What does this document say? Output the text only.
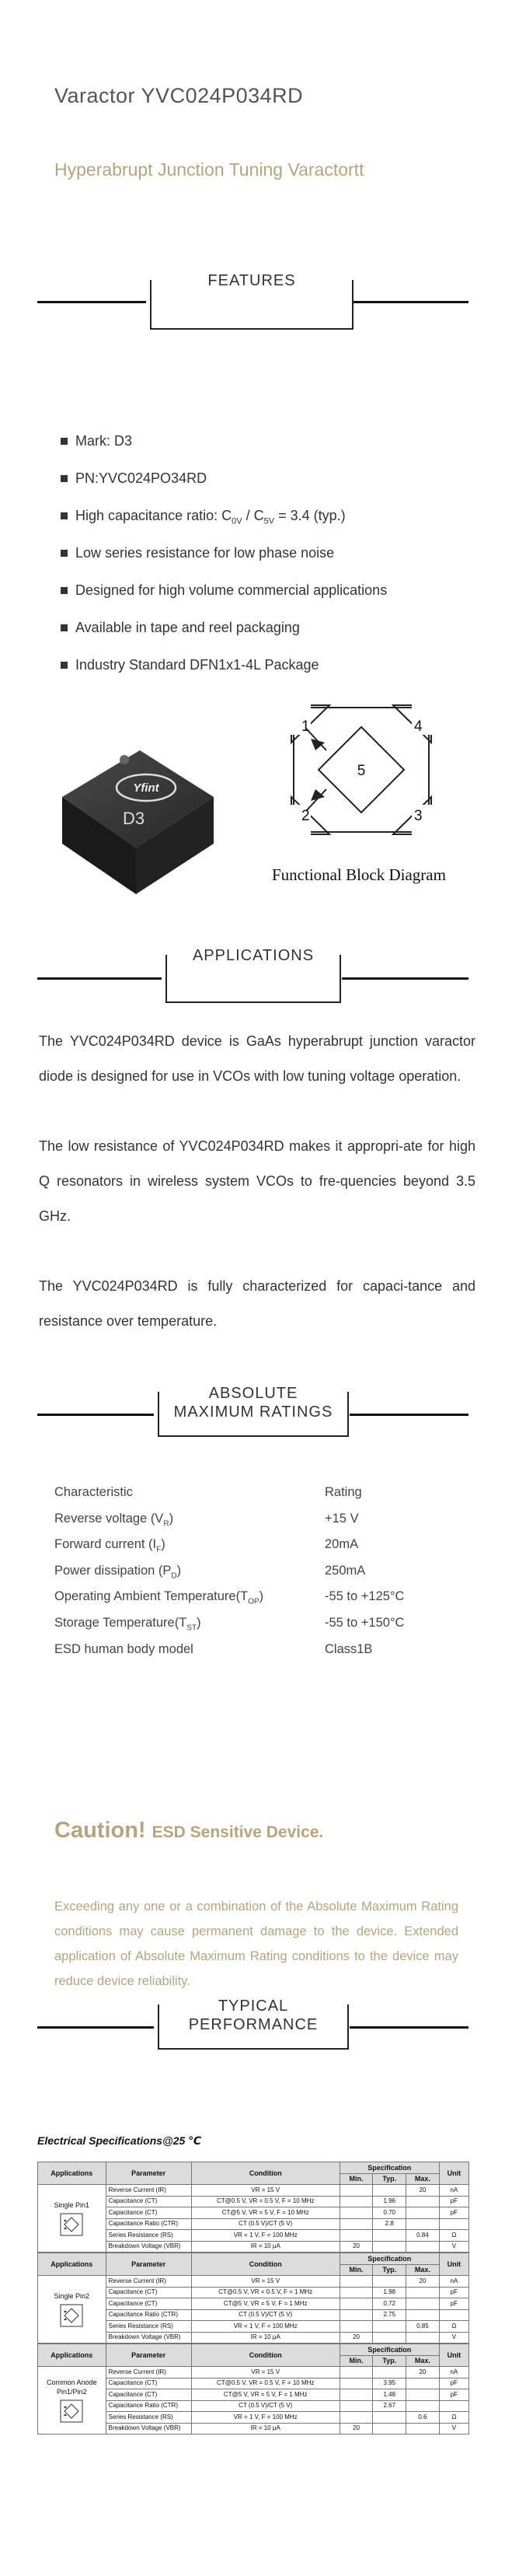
Varactor YVC024P034RD
Hyperabrupt Junction Tuning Varactortt
FEATURES
Mark: D3
PN:YVC024PO34RD
High capacitance ratio: $C_{0V} / C_{5V} = 3.4$ (typ.)
Low series resistance for low phase noise
Designed for high volume commercial applications
Available in tape and reel packaging
Industry Standard DFN1x1-4L Package
Yfint
D3
1
2	3
4
5
Functional Block Diagram
APPLICATIONS
The YVC024P034RD device is GaAs hyperabrupt junction varactor diode is designed for use in VCOs with low tuning voltage operation.
The low resistance of YVC024P034RD makes it appropri-ate for high Q resonators in wireless system VCOs to fre-quencies beyond 3.5 GHz.
The YVC024P034RD is fully characterized for capaci-tance and resistance over temperature.
ABSOLUTE
MAXIMUM RATINGS
Characteristic	Rating
Reverse voltage $(V_R)$	+15 V
Forward current $(I_F)$	20mA
Power dissipation $(P_D)$	250mA
Operating Ambient $Temperature(T_{OP})$	-55 to +125°C
Storage $Temperature(T_{ST})$	-55 to +150°C
ESD human body model	Class1B
Caution! ESD Sensitive Device.
Exceeding any one or a combination of the Absolute Maximum Rating conditions may cause permanent damage to the device. Extended application of Absolute Maximum Rating conditions to the device may reduce device reliability.
TYPICAL
PERFORMANCE
Electrical Specifications@25 ℃
Applications	Parameter	Condition	Specification			Unit
			Min.	Typ.	Max.	

Single Pin1	Reverse Current (IR)	VR = 15 V			20	nA
	Capacitance (CT)	CT@0.5 V, VR = 0.5 V, F = 10 MHz		1.96		pF
	Capacitance (CT)	CT@5 V, VR = 5 V, F = 10 MHz		0.70		pF
	Capacitance Ratio (CTR)	CT (0.5 V)/CT (5 V)		2.8		
	Series Resistance (RS)	VR = 1 V, F = 100 MHz			0.84	Ω
	Breakdown Voltage (VBR)	IR = 10 μA	20			V
Applications	Parameter	Condition	Specification			Unit
			Min.	Typ.	Max.	

Single Pin2	Reverse Current (IR)	VR = 15 V			20	nA
	Capacitance (CT)	CT@0.5 V, VR = 0.5 V, F = 1 MHz		1.98		pF
	Capacitance (CT)	CT@5 V, VR = 5 V, F = 1 MHz		0.72		pF
	Capacitance Ratio (CTR)	CT (0.5 V)/CT (5 V)		2.75		
	Series Resistance (RS)	VR = 1 V, F = 100 MHz			0.85	Ω
	Breakdown Voltage (VBR)	IR = 10 μA	20			V
Applications	Parameter	Condition	Specification			Unit
			Min.	Typ.	Max.	

Common Anode Pin1/Pin2	Reverse Current (IR)	VR = 15 V			20	nA
	Capacitance (CT)	CT@0.5 V, VR = 0.5 V, F = 10 MHz		3.95		pF
	Capacitance (CT)	CT@5 V, VR = 5 V, F = 1 MHz		1.48		pF
	Capacitance Ratio (CTR)	CT (0.5 V)/CT (5 V)		2.67		
	Series Resistance (RS)	VR = 1 V, F = 100 MHz			0.6	Ω
	Breakdown Voltage (VBR)	IR = 10 μA	20			V
